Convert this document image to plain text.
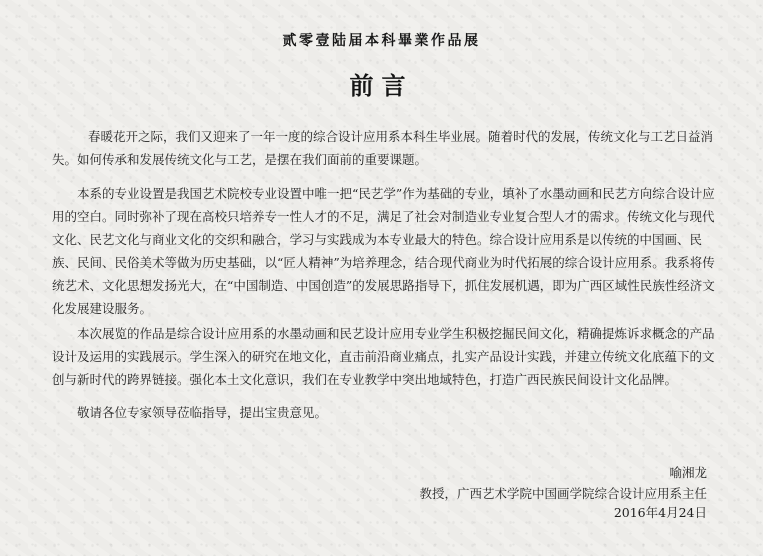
贰零壹陆届本科畢業作品展
前言

春暖花开之际，我们又迎来了一年一度的综合设计应用系本科生毕业展。随着时代的发展，传统文化与工艺日益消失。如何传承和发展传统文化与工艺，是摆在我们面前的重要课题。

本系的专业设置是我国艺术院校专业设置中唯一把“民艺学”作为基础的专业，填补了水墨动画和民艺方向综合设计应用的空白。同时弥补了现在高校只培养专一性人才的不足，满足了社会对制造业专业复合型人才的需求。传统文化与现代文化、民艺文化与商业文化的交织和融合，学习与实践成为本专业最大的特色。综合设计应用系是以传统的中国画、民族、民间、民俗美术等做为历史基础，以“匠人精神”为培养理念，结合现代商业为时代拓展的综合设计应用系。我系将传统艺术、文化思想发扬光大，在“中国制造、中国创造”的发展思路指导下，抓住发展机遇，即为广西区域性民族性经济文化发展建设服务。

本次展览的作品是综合设计应用系的水墨动画和民艺设计应用专业学生积极挖掘民间文化，精确提炼诉求概念的产品设计及运用的实践展示。学生深入的研究在地文化，直击前沿商业痛点，扎实产品设计实践，并建立传统文化底蕴下的文创与新时代的跨界链接。强化本土文化意识，我们在专业教学中突出地域特色，打造广西民族民间设计文化品牌。

敬请各位专家领导莅临指导，提出宝贵意见。

喻湘龙
教授，广西艺术学院中国画学院综合设计应用系主任
2016年4月24日
